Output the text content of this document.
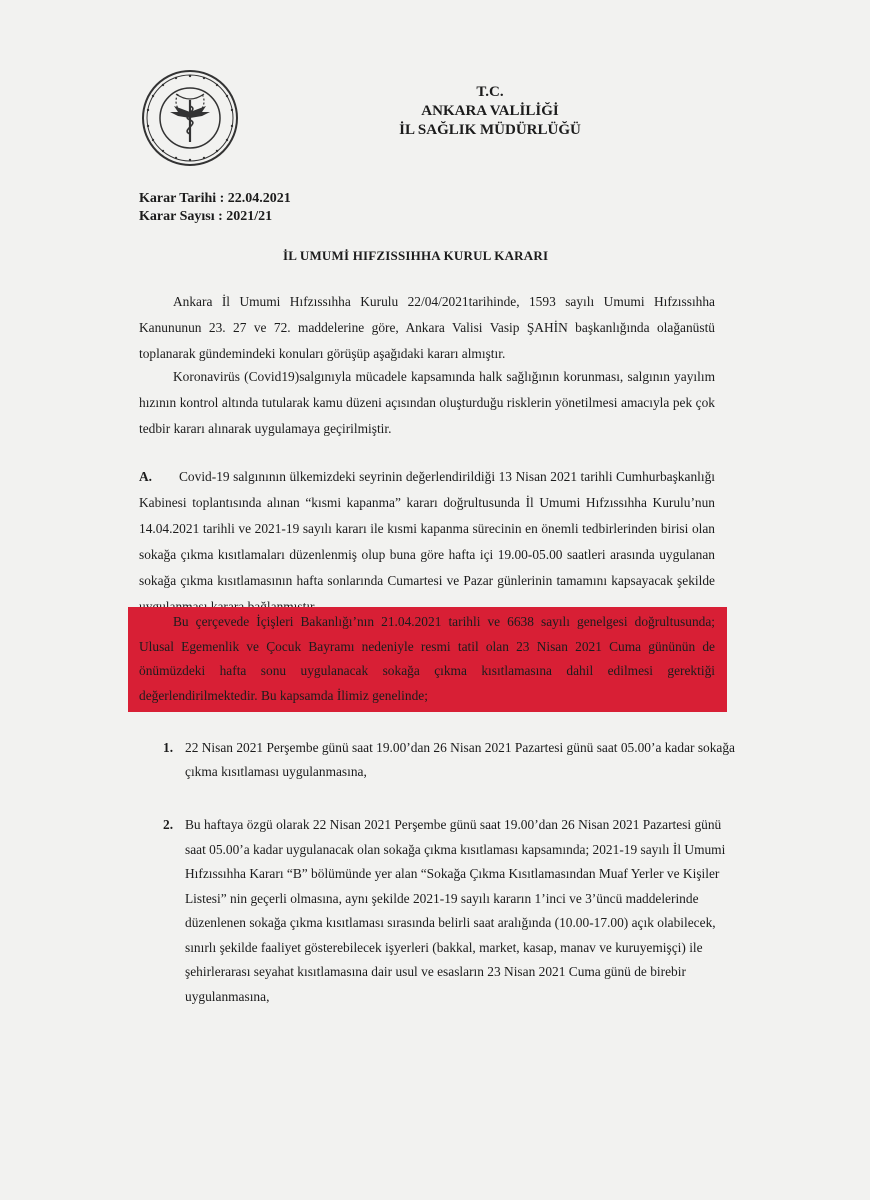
T.C.
ANKARA VALİLİĞİ
İL SAĞLIK MÜDÜRLÜĞÜ
Karar Tarihi : 22.04.2021
Karar Sayısı : 2021/21
İL UMUMİ HIFZISSIHHA KURUL KARARI

Ankara İl Umumi Hıfzıssıhha Kurulu 22/04/2021tarihinde, 1593 sayılı Umumi Hıfzıssıhha Kanununun 23. 27 ve 72. maddelerine göre, Ankara Valisi Vasip ŞAHİN başkanlığında olağanüstü toplanarak gündemindeki konuları görüşüp aşağıdaki kararı almıştır.

Koronavirüs (Covid19)salgınıyla mücadele kapsamında halk sağlığının korunması, salgının yayılım hızının kontrol altında tutularak kamu düzeni açısından oluşturduğu risklerin yönetilmesi amacıyla pek çok tedbir kararı alınarak uygulamaya geçirilmiştir.

A. Covid-19 salgınının ülkemizdeki seyrinin değerlendirildiği 13 Nisan 2021 tarihli Cumhurbaşkanlığı Kabinesi toplantısında alınan “kısmi kapanma” kararı doğrultusunda İl Umumi Hıfzıssıhha Kurulu’nun 14.04.2021 tarihli ve 2021-19 sayılı kararı ile kısmi kapanma sürecinin en önemli tedbirlerinden birisi olan sokağa çıkma kısıtlamaları düzenlenmiş olup buna göre hafta içi 19.00-05.00 saatleri arasında uygulanan sokağa çıkma kısıtlamasının hafta sonlarında Cumartesi ve Pazar günlerinin tamamını kapsayacak şekilde

Bu çerçevede İçişleri Bakanlığı’nın 21.04.2021 tarihli ve 6638 sayılı genelgesi doğrultusunda; Ulusal Egemenlik ve Çocuk Bayramı nedeniyle resmi tatil olan 23 Nisan 2021 Cuma gününün de önümüzdeki hafta sonu uygulanacak sokağa çıkma kısıtlamasına dahil edilmesi gerektiği değerlendirilmektedir. Bu kapsamda İlimiz genelinde;

1. 22 Nisan 2021 Perşembe günü saat 19.00’dan 26 Nisan 2021 Pazartesi günü saat 05.00’a kadar sokağa çıkma kısıtlaması uygulanmasına,
2. Bu haftaya özgü olarak 22 Nisan 2021 Perşembe günü saat 19.00’dan 26 Nisan 2021 Pazartesi günü saat 05.00’a kadar uygulanacak olan sokağa çıkma kısıtlaması kapsamında; 2021-19 sayılı İl Umumi Hıfzıssıhha Kararı “B” bölümünde yer alan “Sokağa Çıkma Kısıtlamasından Muaf Yerler ve Kişiler Listesi” nin geçerli olmasına, aynı şekilde 2021-19 sayılı kararın 1’inci ve 3’üncü maddelerinde düzenlenen sokağa çıkma kısıtlaması sırasında belirli saat aralığında (10.00-17.00) açık olabilecek, sınırlı şekilde faaliyet gösterebilecek işyerleri (bakkal, market, kasap, manav ve kuruyemişçi) ile şehirlerarası seyahat kısıtlamasına dair usul ve esasların 23 Nisan 2021 Cuma günü de birebir uygulanmasına,
